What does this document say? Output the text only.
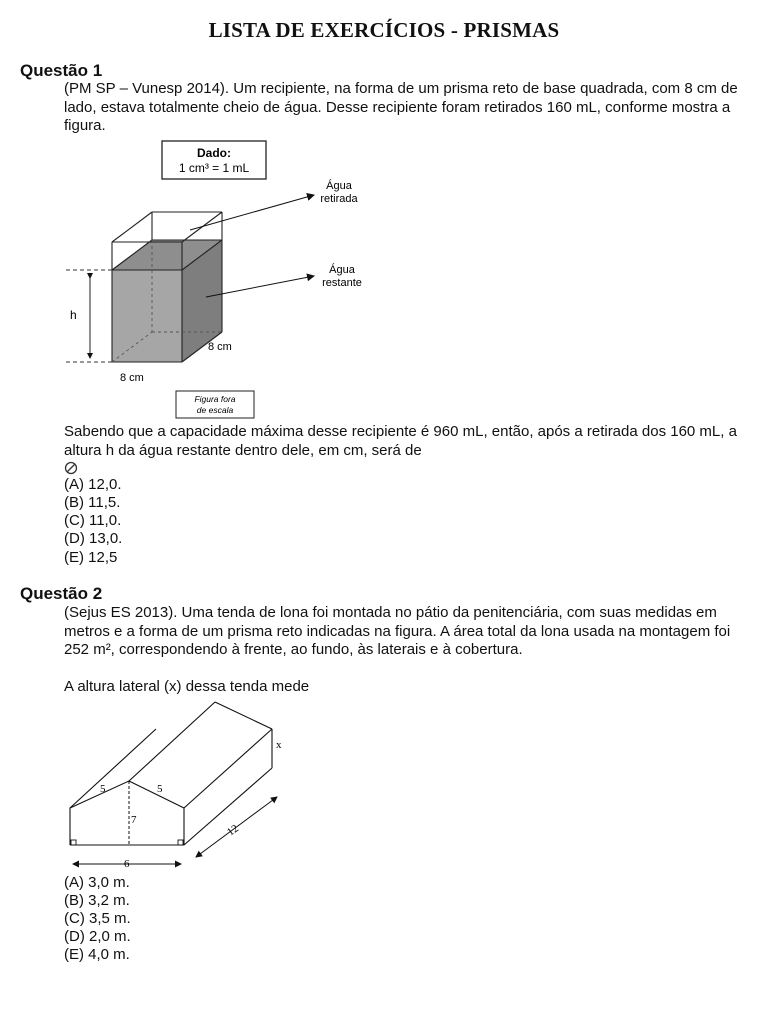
LISTA DE EXERCÍCIOS - PRISMAS
Questão 1
(PM SP – Vunesp 2014). Um recipiente, na forma de um prisma reto de base quadrada, com 8 cm de lado, estava totalmente cheio de água. Desse recipiente foram retirados 160 mL, conforme mostra a figura.
Dado:
1 cm³ = 1 mL
h
8 cm
8 cm
Água
retirada
Água
restante
Figura fora
de escala
Sabendo que a capacidade máxima desse recipiente é 960 mL, então, após a retirada dos 160 mL, a altura h da água restante dentro dele, em cm, será de
(A) 12,0.
(B) 11,5.
(C) 11,0.
(D) 13,0.
(E) 12,5
Questão 2
(Sejus ES 2013). Uma tenda de lona foi montada no pátio da penitenciária, com suas medidas em metros e a forma de um prisma reto indicadas na figura. A área total da lona usada na montagem foi 252 m², correspondendo à frente, ao fundo, às laterais e à cobertura.
A altura lateral (x) dessa tenda mede
5	5
7
6
12
x
(A) 3,0 m.
(B) 3,2 m.
(C) 3,5 m.
(D) 2,0 m.
(E) 4,0 m.
